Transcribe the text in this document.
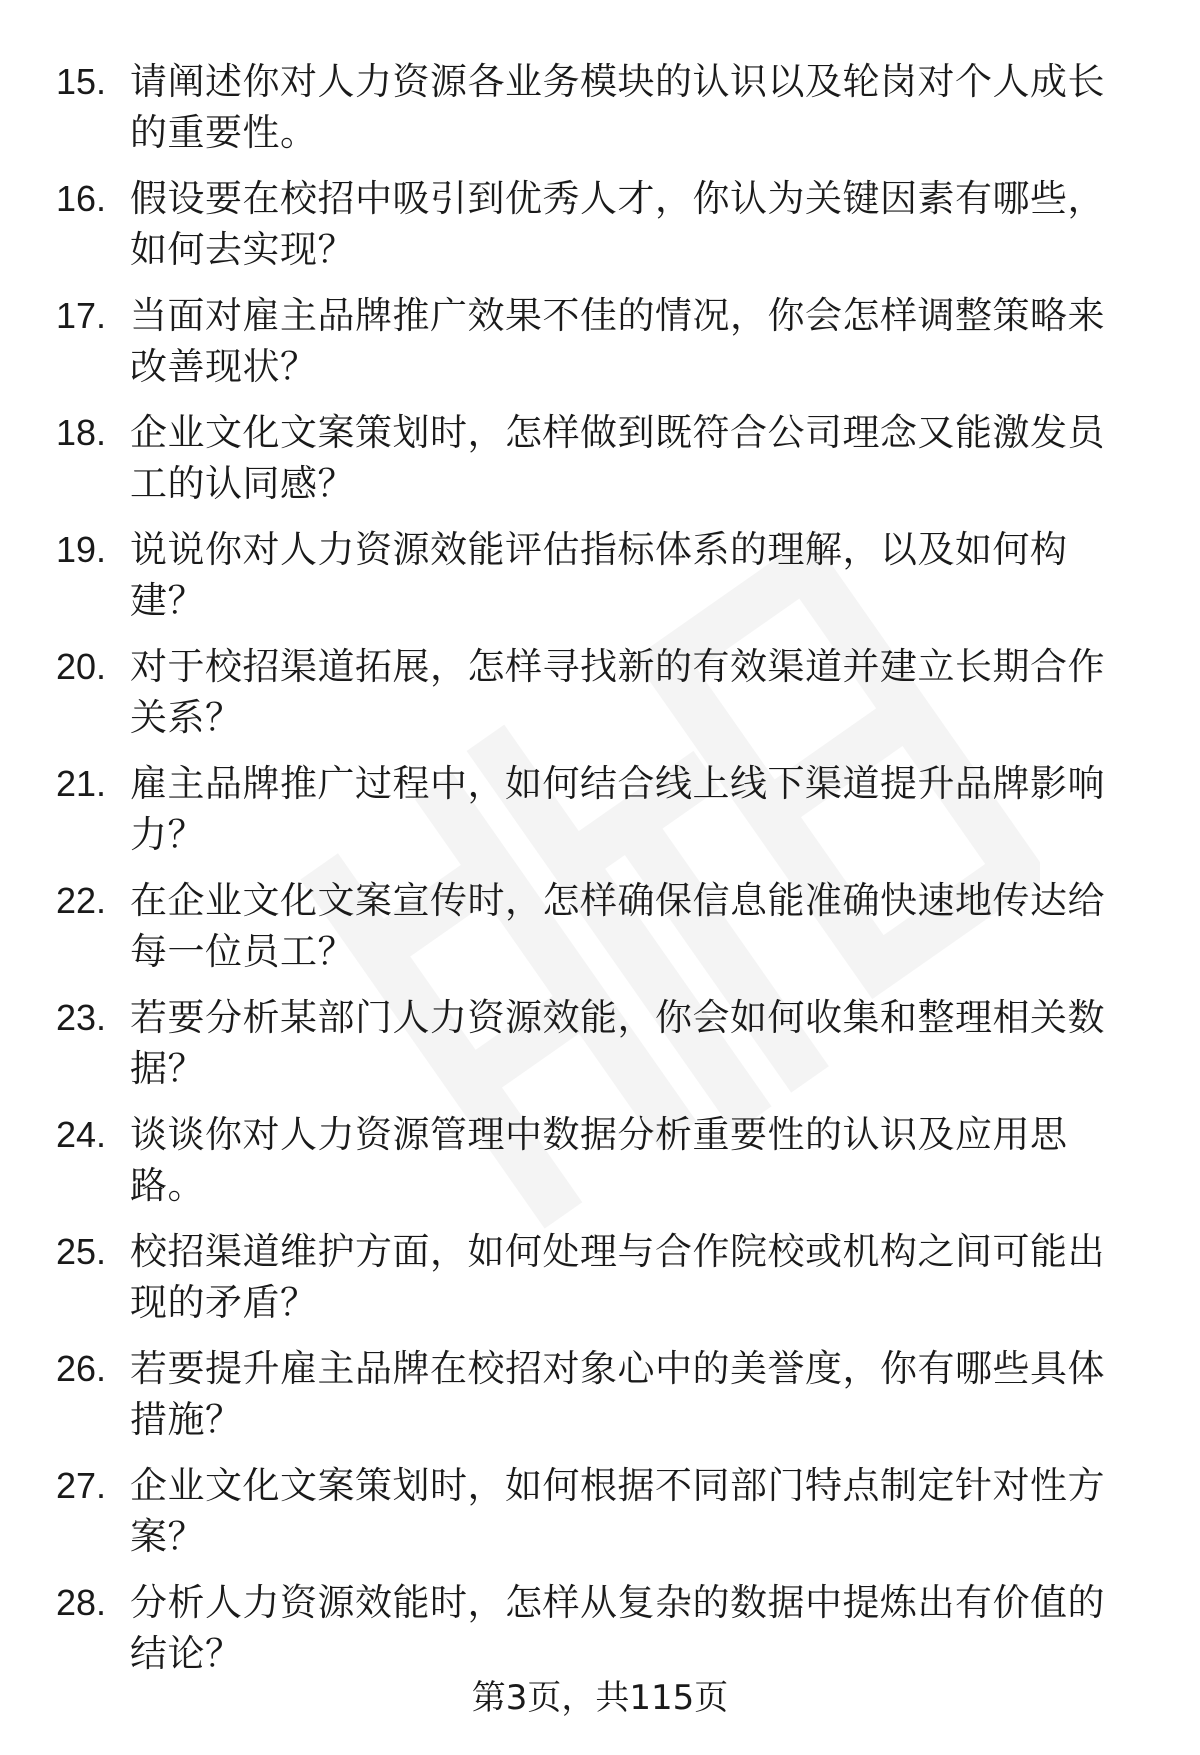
15. 请阐述你对人力资源各业务模块的认识以及轮岗对个人成长的重要性。
16. 假设要在校招中吸引到优秀人才，你认为关键因素有哪些，如何去实现？
17. 当面对雇主品牌推广效果不佳的情况，你会怎样调整策略来改善现状？
18. 企业文化文案策划时，怎样做到既符合公司理念又能激发员工的认同感？
19. 说说你对人力资源效能评估指标体系的理解，以及如何构建？
20. 对于校招渠道拓展，怎样寻找新的有效渠道并建立长期合作关系？
21. 雇主品牌推广过程中，如何结合线上线下渠道提升品牌影响力？
22. 在企业文化文案宣传时，怎样确保信息能准确快速地传达给每一位员工？
23. 若要分析某部门人力资源效能，你会如何收集和整理相关数据？
24. 谈谈你对人力资源管理中数据分析重要性的认识及应用思路。
25. 校招渠道维护方面，如何处理与合作院校或机构之间可能出现的矛盾？
26. 若要提升雇主品牌在校招对象心中的美誉度，你有哪些具体措施？
27. 企业文化文案策划时，如何根据不同部门特点制定针对性方案？
28. 分析人力资源效能时，怎样从复杂的数据中提炼出有价值的结论？
第3页，共115页
